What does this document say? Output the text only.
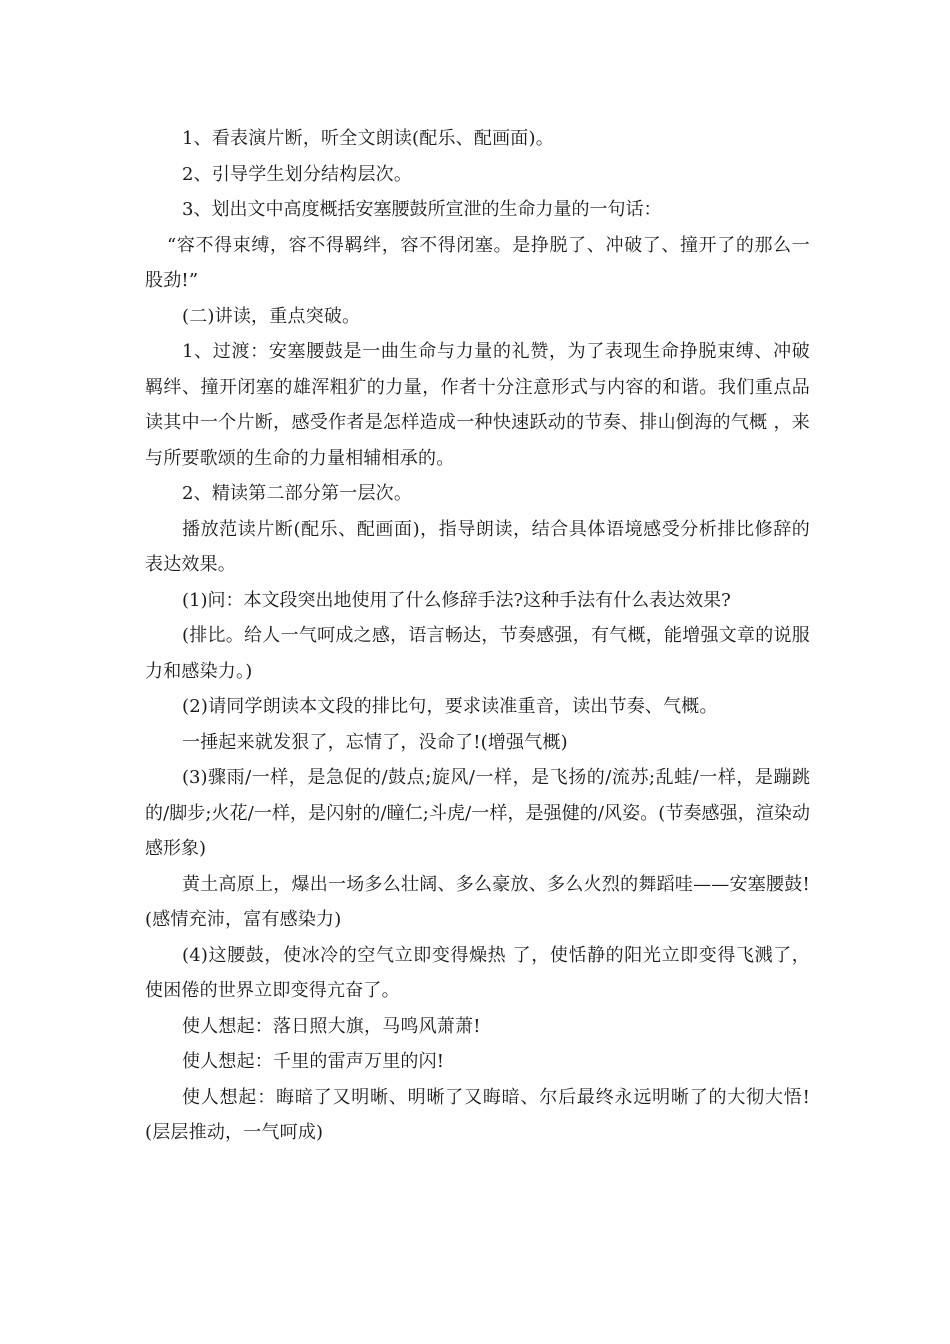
1、看表演片断，听全文朗读(配乐、配画面)。

2、引导学生划分结构层次。

3、划出文中高度概括安塞腰鼓所宣泄的生命力量的一句话：

“容不得束缚，容不得羁绊，容不得闭塞。是挣脱了、冲破了、撞开了的那么一股劲!”

(二)讲读，重点突破。

1、过渡：安塞腰鼓是一曲生命与力量的礼赞，为了表现生命挣脱束缚、冲破羁绊、撞开闭塞的雄浑粗犷的力量，作者十分注意形式与内容的和谐。我们重点品读其中一个片断，感受作者是怎样造成一种快速跃动的节奏、排山倒海的气概 ，来与所要歌颂的生命的力量相辅相承的。

2、精读第二部分第一层次。

播放范读片断(配乐、配画面)，指导朗读，结合具体语境感受分析排比修辞的表达效果。

(1)问：本文段突出地使用了什么修辞手法?这种手法有什么表达效果?

(排比。给人一气呵成之感，语言畅达，节奏感强，有气概，能增强文章的说服力和感染力。)

(2)请同学朗读本文段的排比句，要求读准重音，读出节奏、气概。

一捶起来就发狠了，忘情了，没命了!(增强气概)

(3)骤雨/一样，是急促的/鼓点;旋风/一样，是飞扬的/流苏;乱蛙/一样，是蹦跳的/脚步;火花/一样，是闪射的/瞳仁;斗虎/一样，是强健的/风姿。(节奏感强，渲染动感形象)

黄土高原上，爆出一场多么壮阔、多么豪放、多么火烈的舞蹈哇——安塞腰鼓!(感情充沛，富有感染力)

(4)这腰鼓，使冰冷的空气立即变得燥热 了，使恬静的阳光立即变得飞溅了，使困倦的世界立即变得亢奋了。

使人想起：落日照大旗，马鸣风萧萧!

使人想起：千里的雷声万里的闪!

使人想起：晦暗了又明晰、明晰了又晦暗、尔后最终永远明晰了的大彻大悟!(层层推动，一气呵成)
